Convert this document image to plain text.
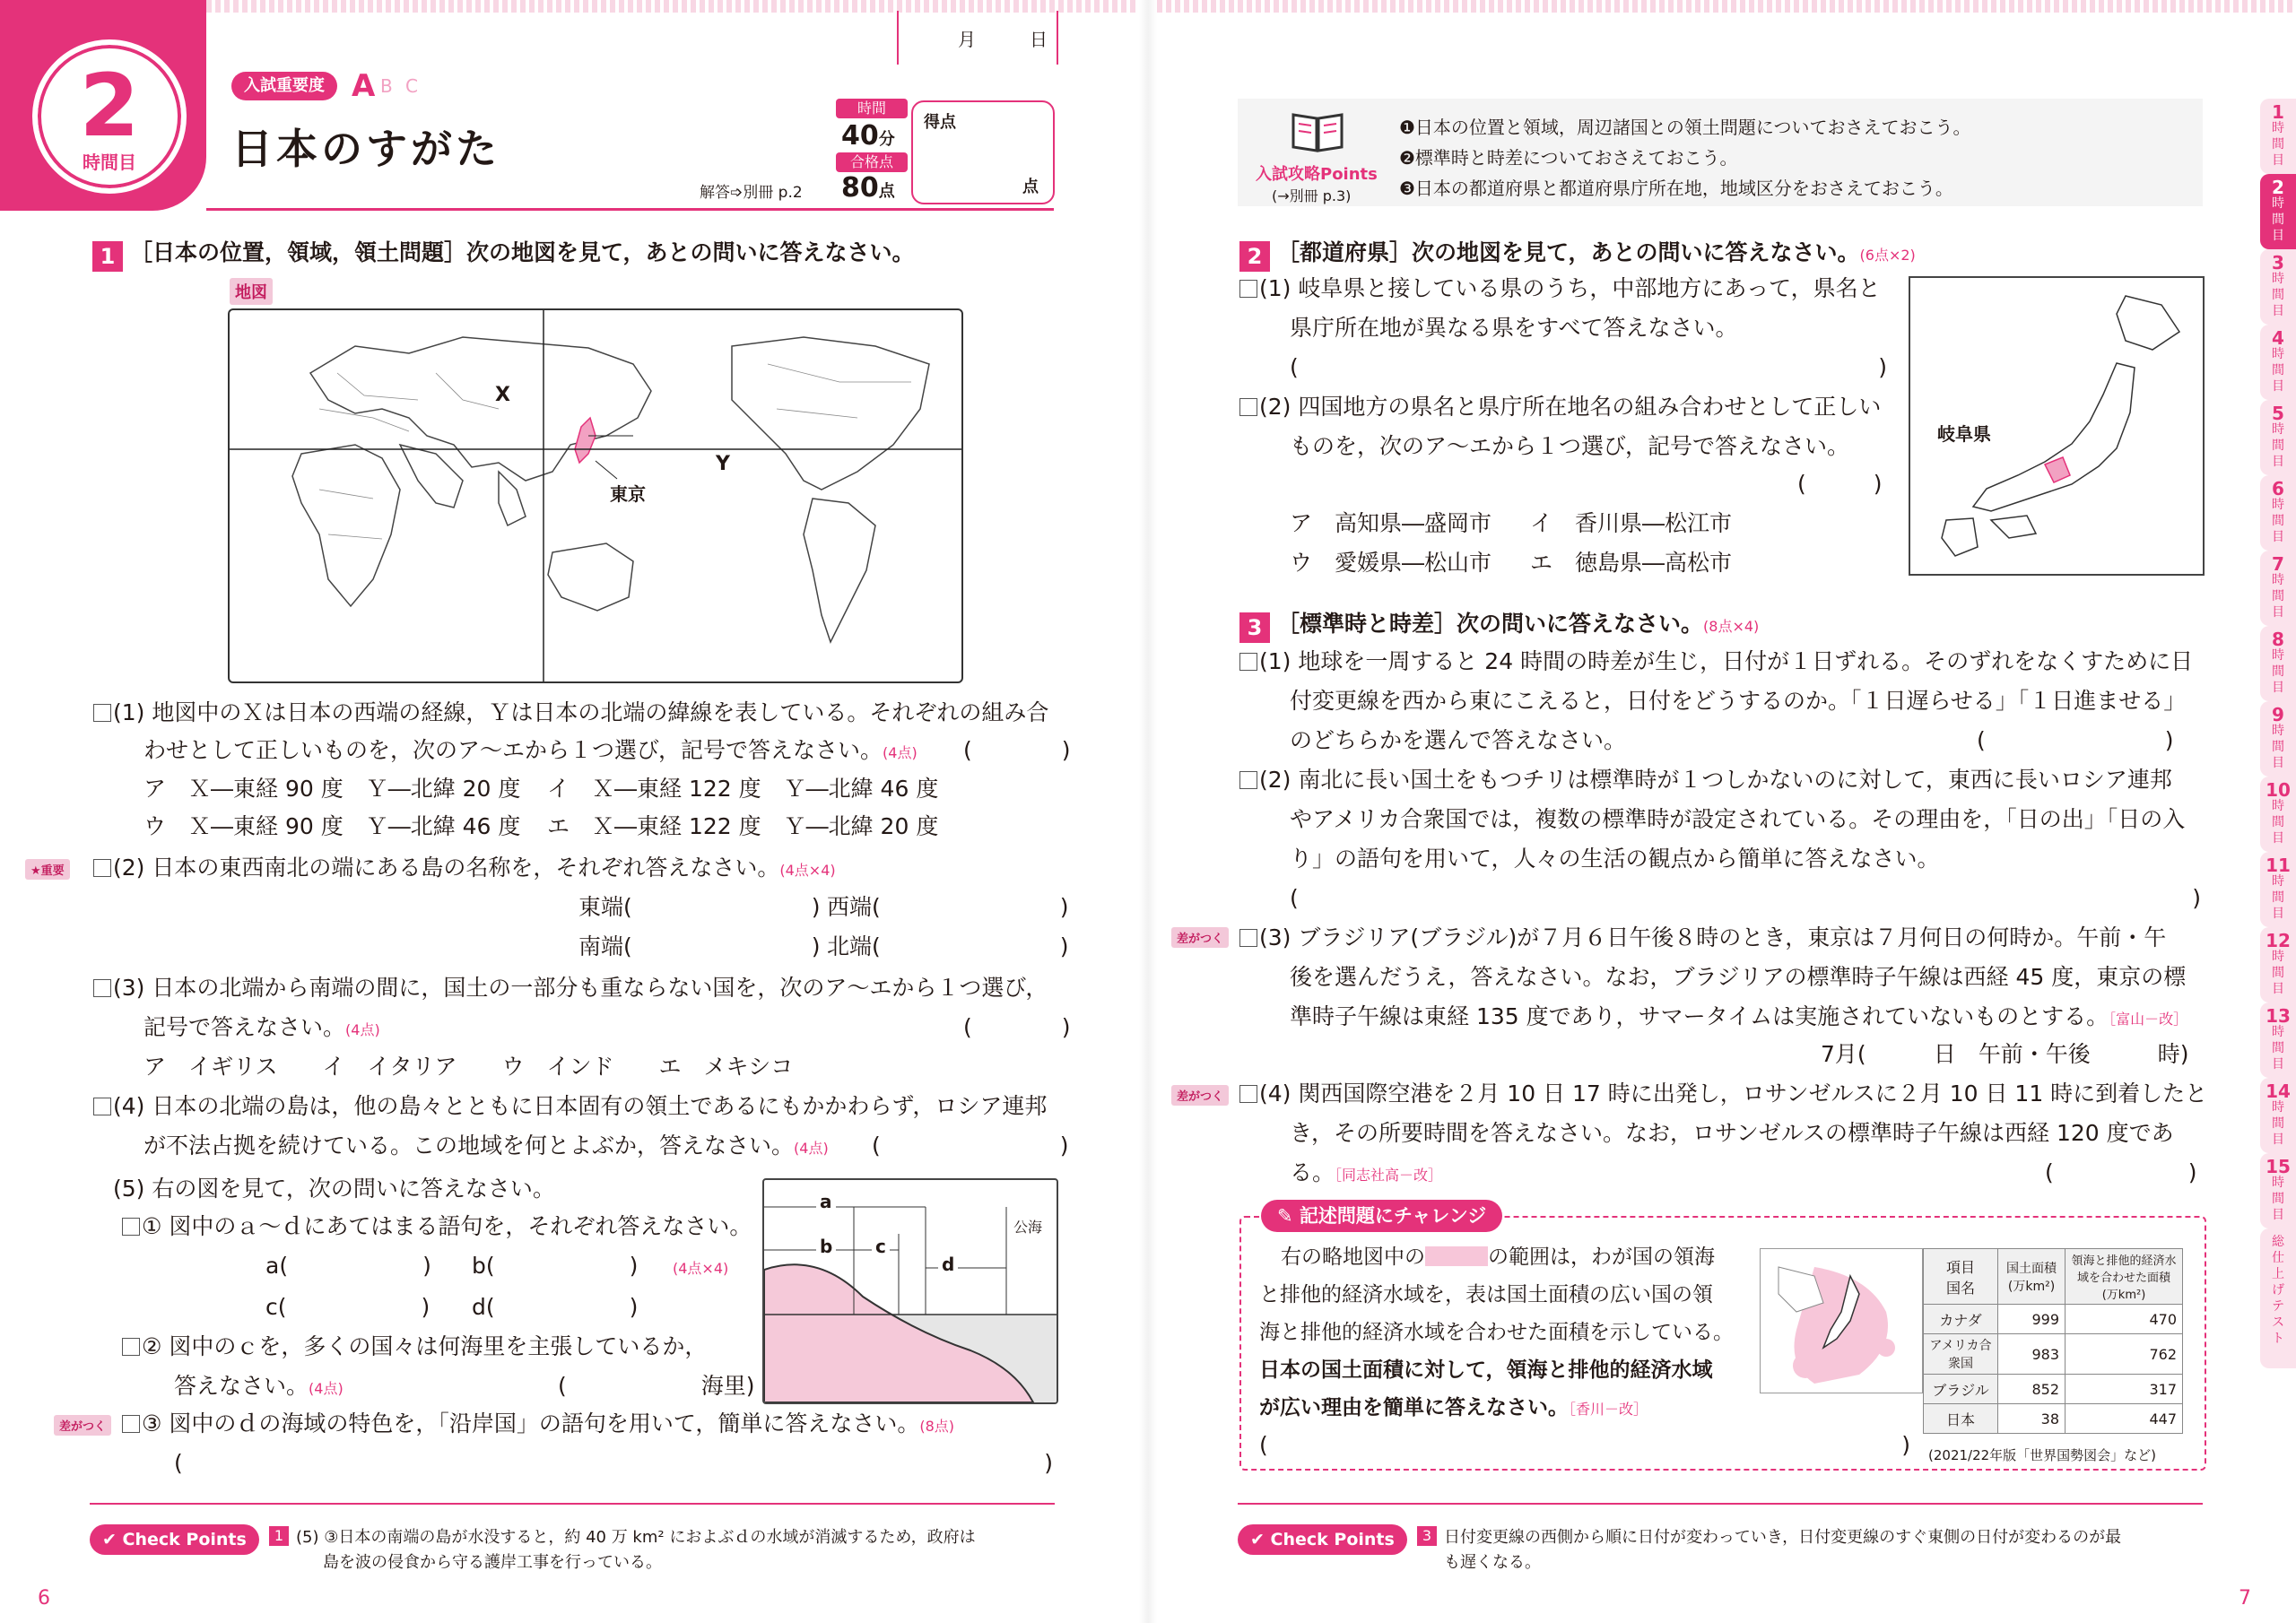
2
時間目
入試重要度 A B C
日本のすがた
時間
40分
合格点
80点
解答➩別冊 p.2
得点
点
月	日
1 ［日本の位置，領域，領土問題］次の地図を見て，あとの問いに答えなさい。
地図
X
Y
東京
(1) 地図中のＸは日本の西端の経線，Ｙは日本の北端の緯線を表している。それぞれの組み合
わせとして正しいものを，次のア～エから１つ選び，記号で答えなさい。(4点) (　　　　)
ア　Ｘ―東経 90 度　Ｙ―北緯 20 度 イ　Ｘ―東経 122 度　Ｙ―北緯 46 度
ウ　Ｘ―東経 90 度　Ｙ―北緯 46 度 エ　Ｘ―東経 122 度　Ｙ―北緯 20 度
★重要	(2) 日本の東西南北の端にある島の名称を，それぞれ答えなさい。(4点×4)
東端(　　　　　　　　) 西端(　　　　　　　　)
南端(　　　　　　　　) 北端(　　　　　　　　)
(3) 日本の北端から南端の間に，国土の一部分も重ならない国を，次のア～エから１つ選び，
記号で答えなさい。(4点)	(　　　　)
ア　イギリス　　イ　イタリア　　ウ　インド　　エ　メキシコ
(4) 日本の北端の島は，他の島々とともに日本固有の領土であるにもかかわらず，ロシア連邦
が不法占拠を続けている。この地域を何とよぶか，答えなさい。(4点) (　　　　　　　　)
(5) 右の図を見て，次の問いに答えなさい。
① 図中のａ～ｄにあてはまる語句を，それぞれ答えなさい。
a(　　　　　　) b(　　　　　　) (4点×4)
c(　　　　　　) d(　　　　　　)
② 図中のｃを，多くの国々は何海里を主張しているか，
答えなさい。(4点)	(　　　　　　海里)
差がつく	③ 図中のｄの海域の特色を，「沿岸国」の語句を用いて，簡単に答えなさい。(8点)
(	)
a
b c
d
公海
✔ Check Points	1 (5) ③日本の南端の島が水没すると，約 40 万 km² におよぶｄの水域が消滅するため，政府は
島を波の侵食から守る護岸工事を行っている。
6
入試攻略Points
(→別冊 p.3)
❶日本の位置と領域，周辺諸国との領土問題についておさえておこう。
❷標準時と時差についておさえておこう。
❸日本の都道府県と都道府県庁所在地，地域区分をおさえておこう。
2 ［都道府県］次の地図を見て，あとの問いに答えなさい。(6点×2)
(1) 岐阜県と接している県のうち，中部地方にあって，県名と
県庁所在地が異なる県をすべて答えなさい。
(	)
(2) 四国地方の県名と県庁所在地名の組み合わせとして正しい
ものを，次のア～エから１つ選び，記号で答えなさい。
(　　　)
ア　高知県―盛岡市 イ　香川県―松江市
ウ　愛媛県―松山市 エ　徳島県―高松市
岐阜県
3 ［標準時と時差］次の問いに答えなさい。(8点×4)
(1) 地球を一周すると 24 時間の時差が生じ，日付が１日ずれる。そのずれをなくすために日
付変更線を西から東にこえると，日付をどうするのか。「１日遅らせる」「１日進ませる」
のどちらかを選んで答えなさい。	(　　　　　　　　)
(2) 南北に長い国土をもつチリは標準時が１つしかないのに対して，東西に長いロシア連邦
やアメリカ合衆国では，複数の標準時が設定されている。その理由を，「日の出」「日の入
り」の語句を用いて，人々の生活の観点から簡単に答えなさい。
(	)
差がつく	(3) ブラジリア(ブラジル)が７月６日午後８時のとき，東京は７月何日の何時か。午前・午
後を選んだうえ，答えなさい。なお，ブラジリアの標準時子午線は西経 45 度，東京の標
準時子午線は東経 135 度であり，サマータイムは実施されていないものとする。［富山－改］
7月(　　　	日　午前・午後　　　	時)
差がつく	(4) 関西国際空港を２月 10 日 17 時に出発し，ロサンゼルスに２月 10 日 11 時に到着したと
き，その所要時間を答えなさい。なお，ロサンゼルスの標準時子午線は西経 120 度であ
る。［同志社高－改］	(　　　　　　)
✎ 記述問題にチャレンジ
右の略地図中の	の範囲は，わが国の領海
と排他的経済水域を，表は国土面積の広い国の領
海と排他的経済水域を合わせた面積を示している。
日本の国土面積に対して，領海と排他的経済水域
が広い理由を簡単に答えなさい。［香川－改］
(	)
項目
国名	国土面積 (万km²)	領海と排他的経済水域を合わせた面積(万km²)
カナダ	999	470
アメリカ合衆国	983	762
ブラジル	852	317
日本	38	447
(2021/22年版「世界国勢図会」など)
✔ Check Points	3 日付変更線の西側から順に日付が変わっていき，日付変更線のすぐ東側の日付が変わるのが最
も遅くなる。
7
1
時
間
目
2
時
間
目
3
時
間
目
4
時
間
目
5
時
間
目
6
時
間
目
7
時
間
目
8
時
間
目
9
時
間
目
10
時
間
目
11
時
間
目
12
時
間
目
13
時
間
目
14
時
間
目
15
時
間
目
総
仕
上
げ
テ
ス
ト
